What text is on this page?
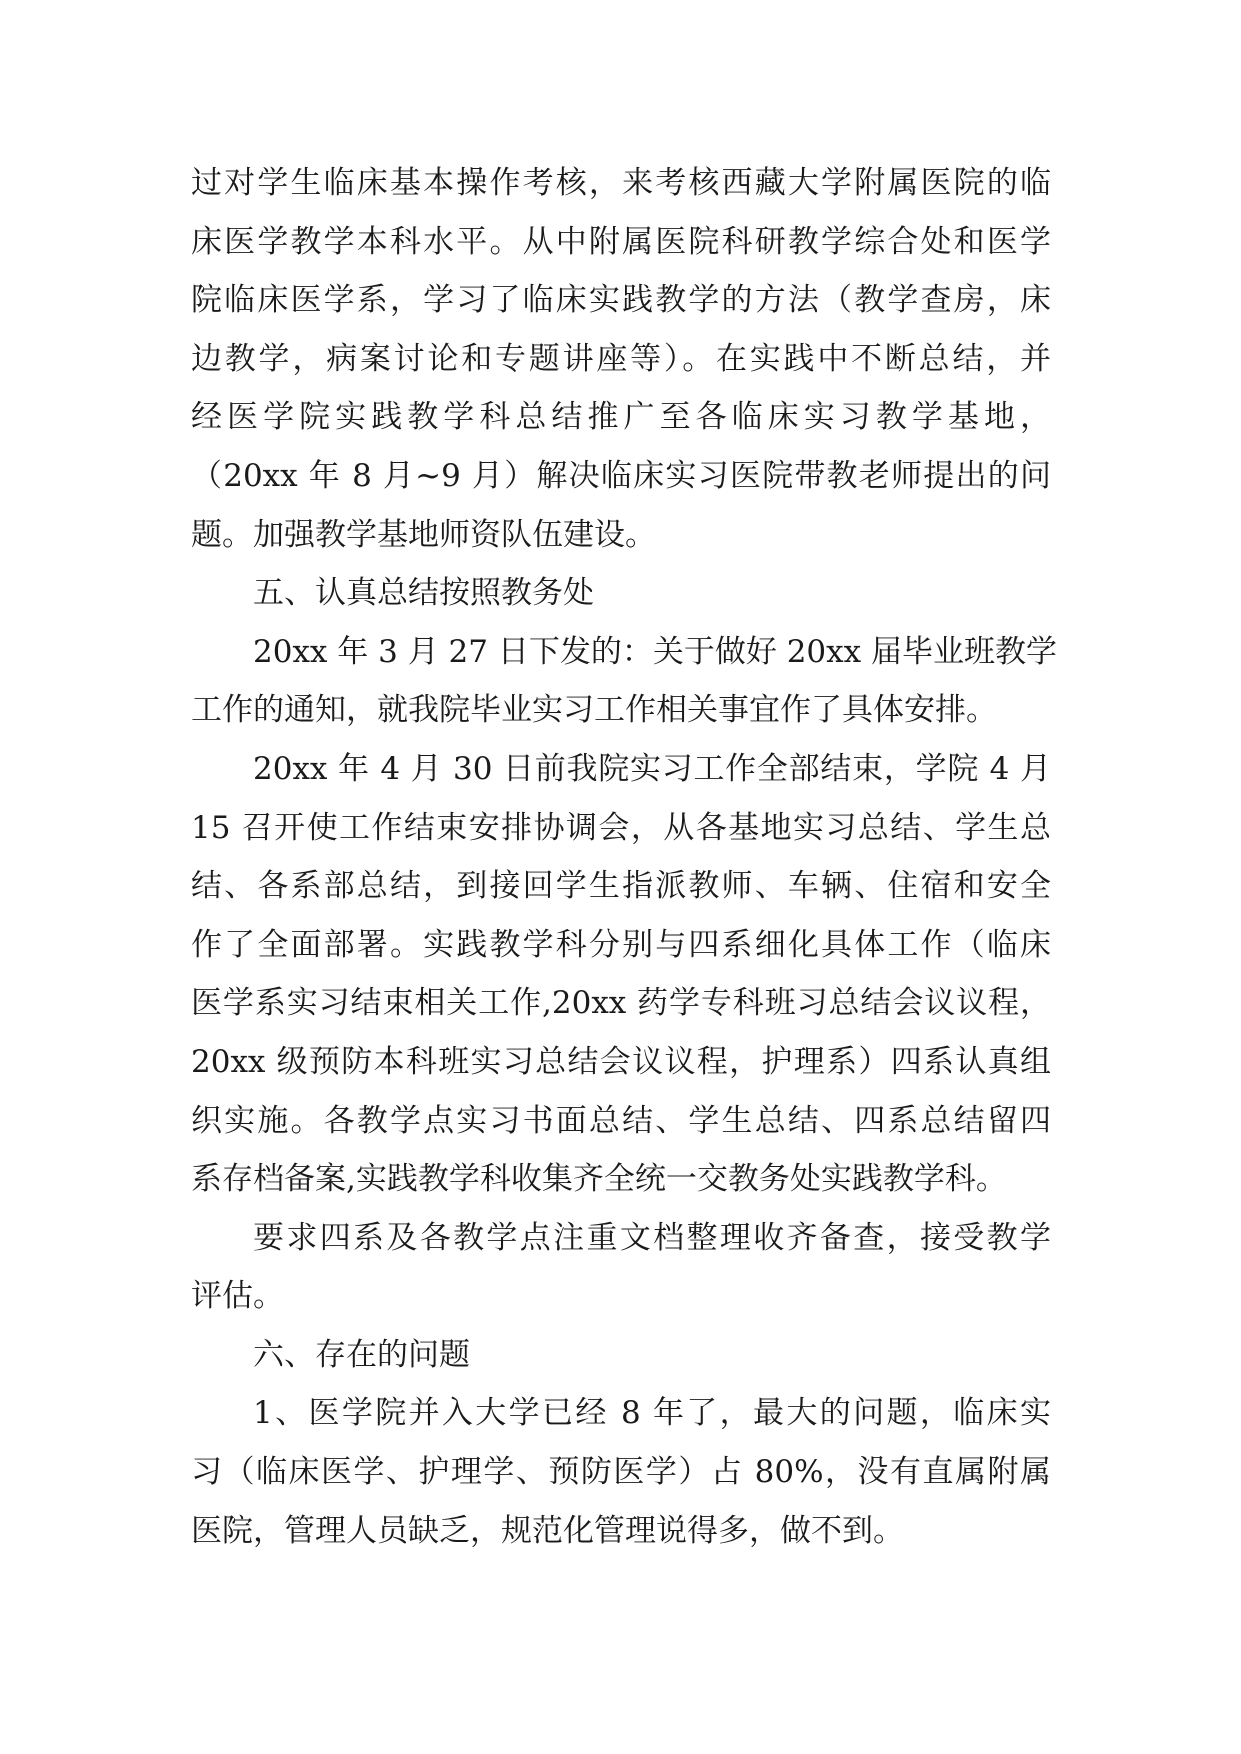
过对学生临床基本操作考核，来考核西藏大学附属医院的临
床医学教学本科水平。从中附属医院科研教学综合处和医学
院临床医学系，学习了临床实践教学的方法（教学查房，床
边教学，病案讨论和专题讲座等）。在实践中不断总结，并
经医学院实践教学科总结推广至各临床实习教学基地，
（20xx 年 8 月~9 月）解决临床实习医院带教老师提出的问
题。加强教学基地师资队伍建设。
五、认真总结按照教务处
20xx 年 3 月 27 日下发的：关于做好 20xx 届毕业班教学
工作的通知，就我院毕业实习工作相关事宜作了具体安排。
20xx 年 4 月 30 日前我院实习工作全部结束，学院 4 月
15 召开使工作结束安排协调会，从各基地实习总结、学生总
结、各系部总结，到接回学生指派教师、车辆、住宿和安全
作了全面部署。实践教学科分别与四系细化具体工作（临床
医学系实习结束相关工作,20xx 药学专科班习总结会议议程，
20xx 级预防本科班实习总结会议议程，护理系）四系认真组
织实施。各教学点实习书面总结、学生总结、四系总结留四
系存档备案,实践教学科收集齐全统一交教务处实践教学科。
要求四系及各教学点注重文档整理收齐备查，接受教学
评估。
六、存在的问题
1、医学院并入大学已经 8 年了，最大的问题，临床实
习（临床医学、护理学、预防医学）占 80%，没有直属附属
医院，管理人员缺乏，规范化管理说得多，做不到。
